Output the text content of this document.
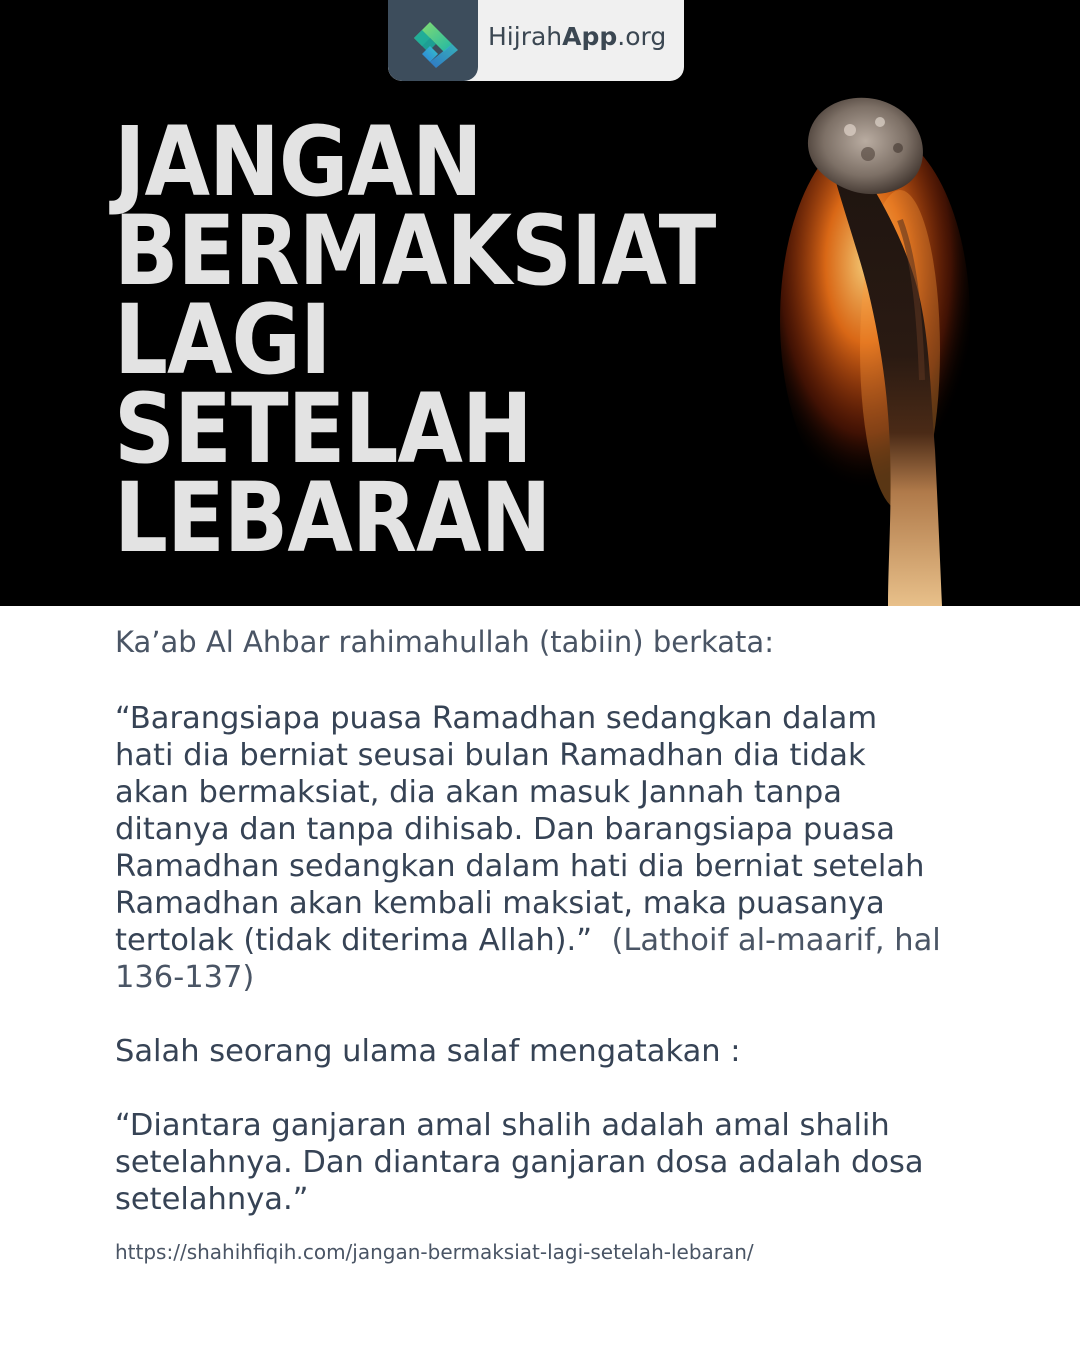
HijrahApp.org
JANGAN
BERMAKSIAT
LAGI
SETELAH
LEBARAN

Ka’ab Al Ahbar rahimahullah (tabiin) berkata:

“Barangsiapa puasa Ramadhan sedangkan dalam hati dia berniat seusai bulan Ramadhan dia tidak akan bermaksiat, dia akan masuk Jannah tanpa ditanya dan tanpa dihisab. Dan barangsiapa puasa Ramadhan sedangkan dalam hati dia berniat setelah Ramadhan akan kembali maksiat, maka puasanya tertolak (tidak diterima Allah).” (Lathoif al-maarif, hal 136-137)

Salah seorang ulama salaf mengatakan :

“Diantara ganjaran amal shalih adalah amal shalih setelahnya. Dan diantara ganjaran dosa adalah dosa setelahnya.”

https://shahihfiqih.com/jangan-bermaksiat-lagi-setelah-lebaran/
